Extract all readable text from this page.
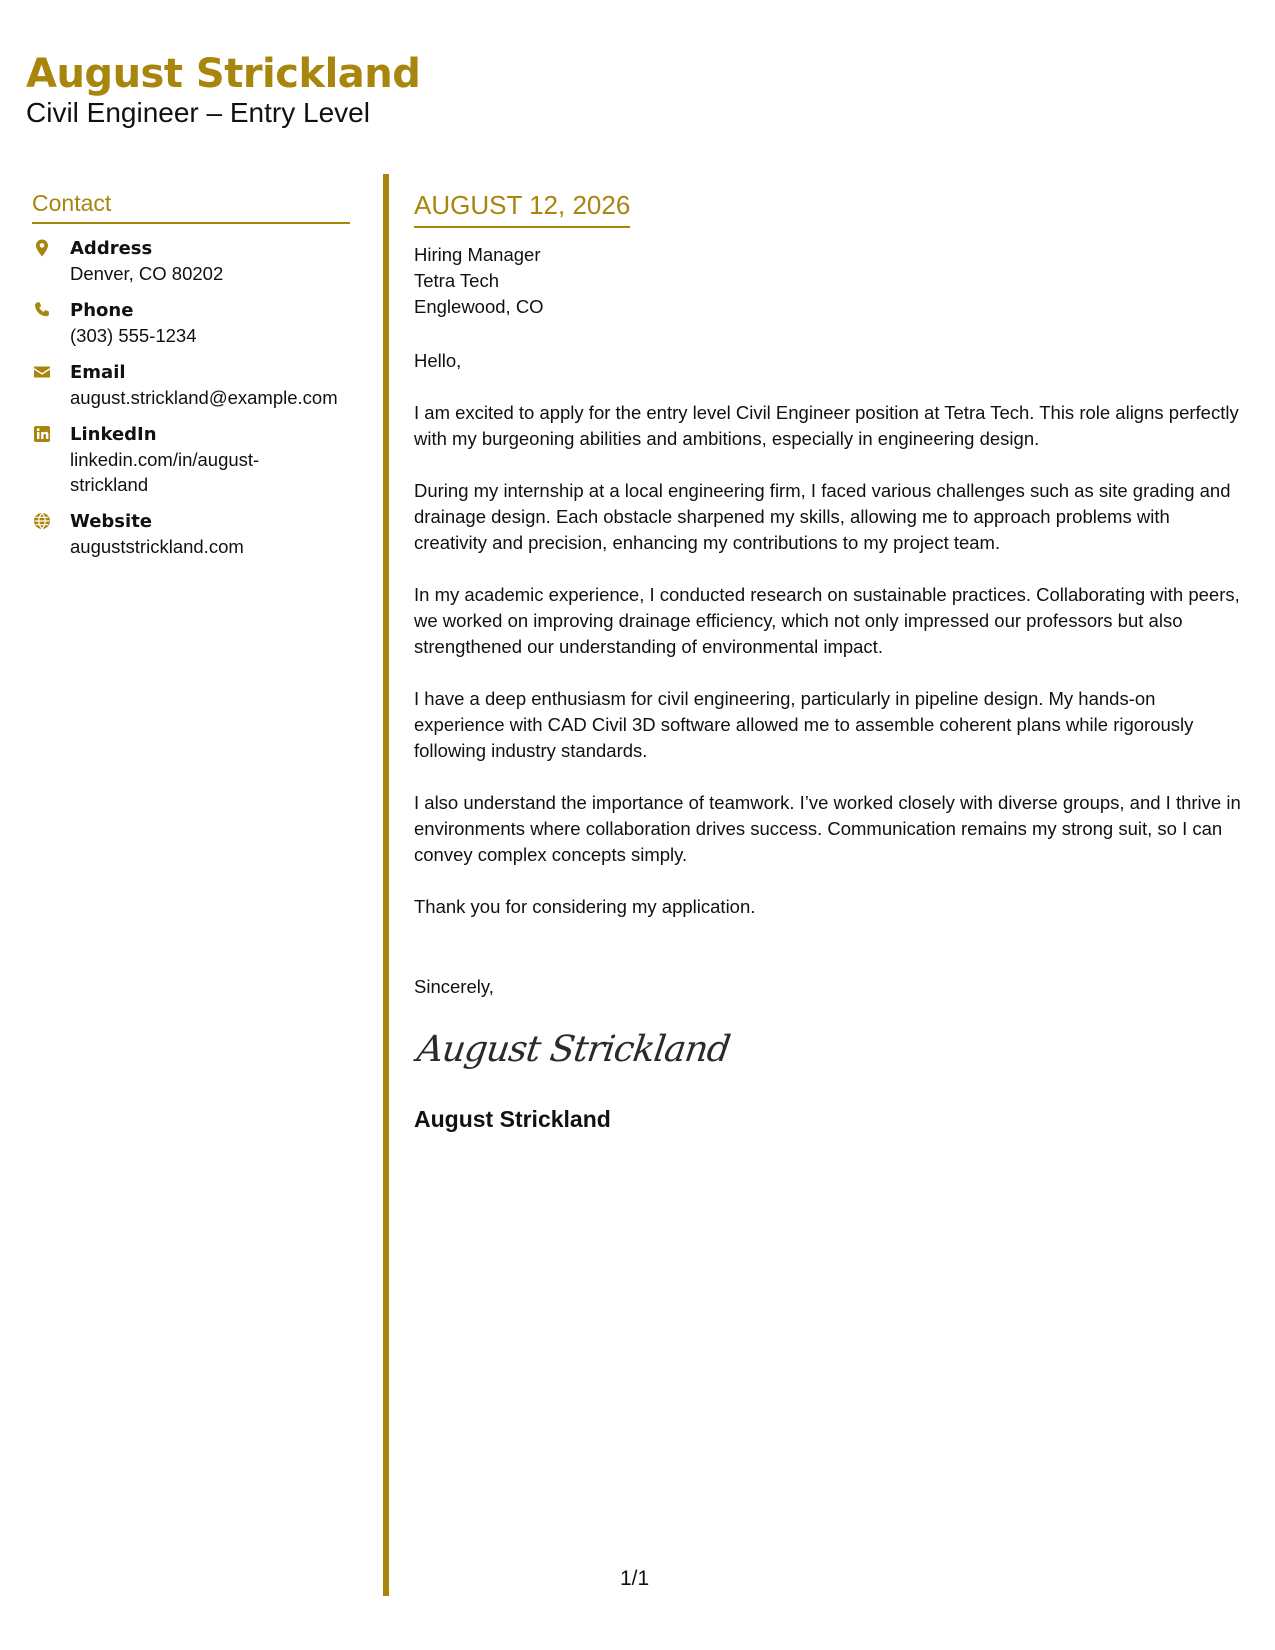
August Strickland
Civil Engineer – Entry Level
Contact
Address
Denver, CO 80202
Phone
(303) 555-1234
Email
august.strickland@example.com
LinkedIn
linkedin.com/in/august-strickland
Website
auguststrickland.com
AUGUST 12, 2026
Hiring Manager
Tetra Tech
Englewood, CO
Hello,
I am excited to apply for the entry level Civil Engineer position at Tetra Tech. This role aligns perfectly with my burgeoning abilities and ambitions, especially in engineering design.
During my internship at a local engineering firm, I faced various challenges such as site grading and drainage design. Each obstacle sharpened my skills, allowing me to approach problems with creativity and precision, enhancing my contributions to my project team.
In my academic experience, I conducted research on sustainable practices. Collaborating with peers, we worked on improving drainage efficiency, which not only impressed our professors but also strengthened our understanding of environmental impact.
I have a deep enthusiasm for civil engineering, particularly in pipeline design. My hands-on experience with CAD Civil 3D software allowed me to assemble coherent plans while rigorously following industry standards.
I also understand the importance of teamwork. I’ve worked closely with diverse groups, and I thrive in environments where collaboration drives success. Communication remains my strong suit, so I can convey complex concepts simply.
Thank you for considering my application.
Sincerely,
August Strickland
August Strickland
1/1
